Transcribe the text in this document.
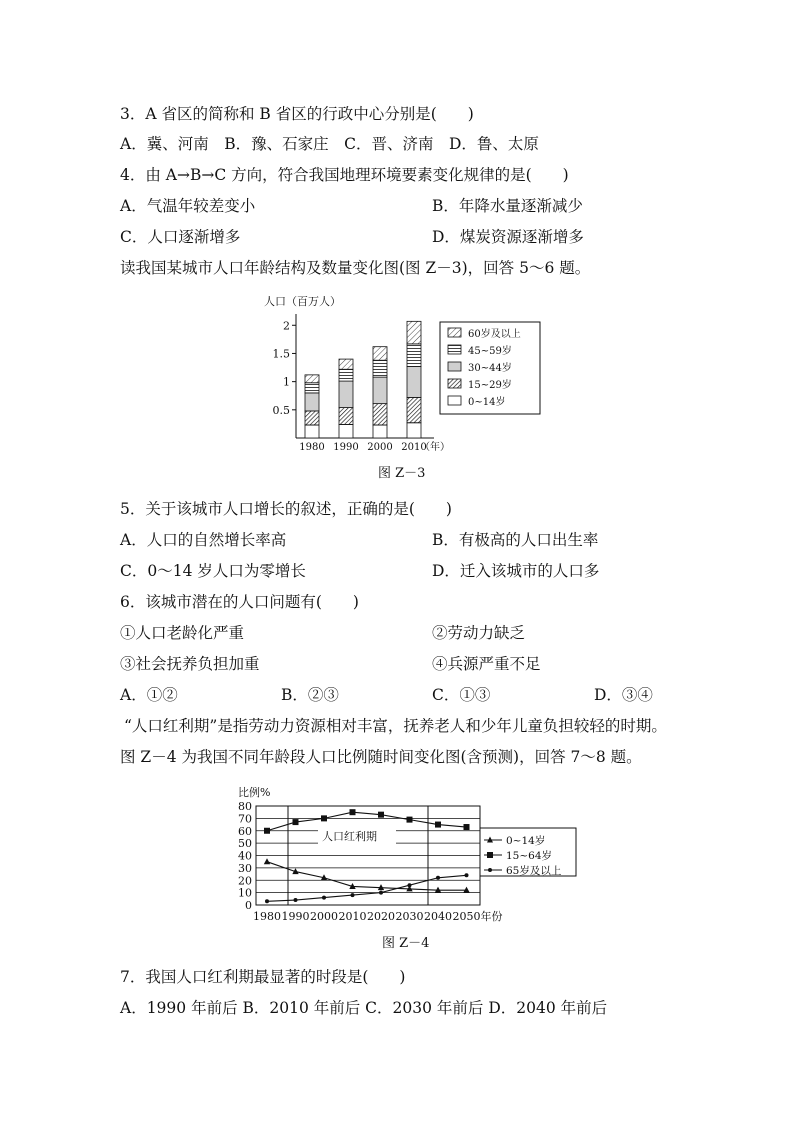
3．A 省区的简称和 B 省区的行政中心分别是(　　)
A．冀、河南　B．豫、石家庄　C．晋、济南　D．鲁、太原
4．由 A→B→C 方向，符合我国地理环境要素变化规律的是(　　)
A．气温年较差变小	B．年降水量逐渐减少
C．人口逐渐增多	D．煤炭资源逐渐增多
读我国某城市人口年龄结构及数量变化图(图 Z－3)，回答 5～6 题。
人口（百万人）
0.5
1
1.5
2
1980 1990 2000 2010
（年）
60岁及以上
45~59岁
30~44岁
15~29岁
0~14岁
图 Z－3
5．关于该城市人口增长的叙述，正确的是(　　)
A．人口的自然增长率高	B．有极高的人口出生率
C．0～14 岁人口为零增长	D．迁入该城市的人口多
6．该城市潜在的人口问题有(　　)
①人口老龄化严重	②劳动力缺乏
③社会抚养负担加重	④兵源严重不足
A．①②	B．②③	C．①③	D．③④
“人口红利期”是指劳动力资源相对丰富，抚养老人和少年儿童负担较轻的时期。
图 Z－4 为我国不同年龄段人口比例随时间变化图(含预测)，回答 7～8 题。
比例%
0
10
20
30
40
50
60
70
80
人口红利期
1980 1990 2000 2010 2020 2030 2040 2050 年份
0~14岁
15~64岁
65岁及以上
图 Z－4
7．我国人口红利期最显著的时段是(　　)
A．1990 年前后 B．2010 年前后 C．2030 年前后 D．2040 年前后
